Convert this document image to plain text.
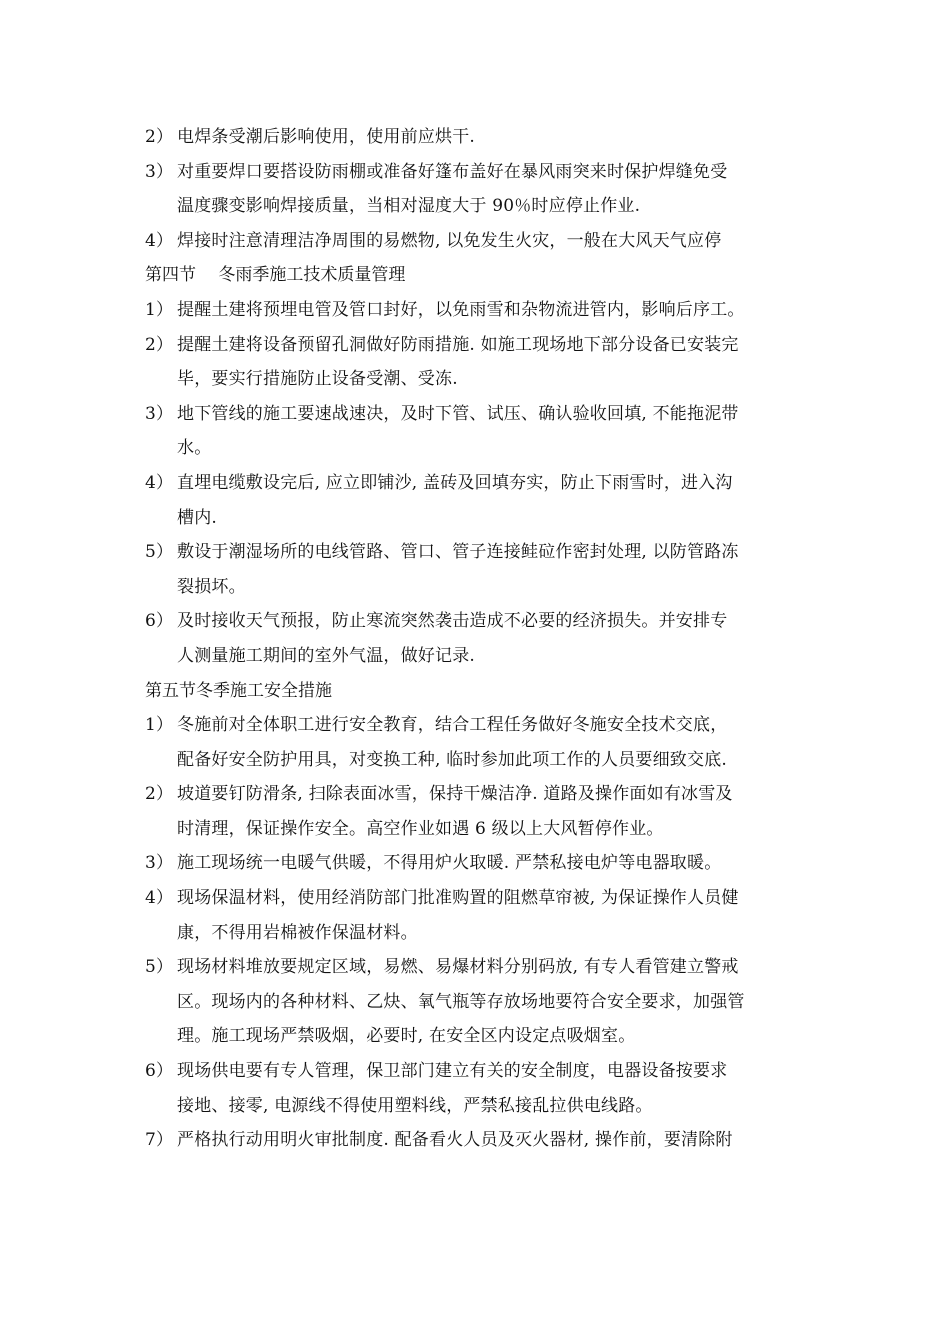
2） 电焊条受潮后影响使用，使用前应烘干.
3） 对重要焊口要搭设防雨棚或准备好篷布盖好在暴风雨突来时保护焊缝免受
温度骤变影响焊接质量，当相对湿度大于 90％时应停止作业.
4） 焊接时注意清理洁净周围的易燃物, 以免发生火灾，一般在大风天气应停
第四节　 冬雨季施工技术质量管理
1） 提醒土建将预埋电管及管口封好，以免雨雪和杂物流进管内，影响后序工。
2） 提醒土建将设备预留孔洞做好防雨措施. 如施工现场地下部分设备已安装完
毕，要实行措施防止设备受潮、受冻.
3） 地下管线的施工要速战速决，及时下管、试压、确认验收回填, 不能拖泥带
水。
4） 直埋电缆敷设完后, 应立即铺沙, 盖砖及回填夯实，防止下雨雪时，进入沟
槽内.
5） 敷设于潮湿场所的电线管路、管口、管子连接鲑砬作密封处理, 以防管路冻
裂损坏。
6） 及时接收天气预报，防止寒流突然袭击造成不必要的经济损失。并安排专
人测量施工期间的室外气温，做好记录.
第五节冬季施工安全措施
1） 冬施前对全体职工进行安全教育，结合工程任务做好冬施安全技术交底，
配备好安全防护用具，对变换工种, 临时参加此项工作的人员要细致交底.
2） 坡道要钉防滑条, 扫除表面冰雪，保持干燥洁净. 道路及操作面如有冰雪及
时清理，保证操作安全。高空作业如遇 6 级以上大风暂停作业。
3） 施工现场统一电暖气供暖，不得用炉火取暖. 严禁私接电炉等电器取暖。
4） 现场保温材料，使用经消防部门批准购置的阻燃草帘被, 为保证操作人员健
康，不得用岩棉被作保温材料。
5） 现场材料堆放要规定区域，易燃、易爆材料分别码放, 有专人看管建立警戒
区。现场内的各种材料、乙炔、氧气瓶等存放场地要符合安全要求，加强管
理。施工现场严禁吸烟，必要时, 在安全区内设定点吸烟室。
6） 现场供电要有专人管理，保卫部门建立有关的安全制度，电器设备按要求
接地、接零, 电源线不得使用塑料线，严禁私接乱拉供电线路。
7） 严格执行动用明火审批制度. 配备看火人员及灭火器材, 操作前，要清除附
